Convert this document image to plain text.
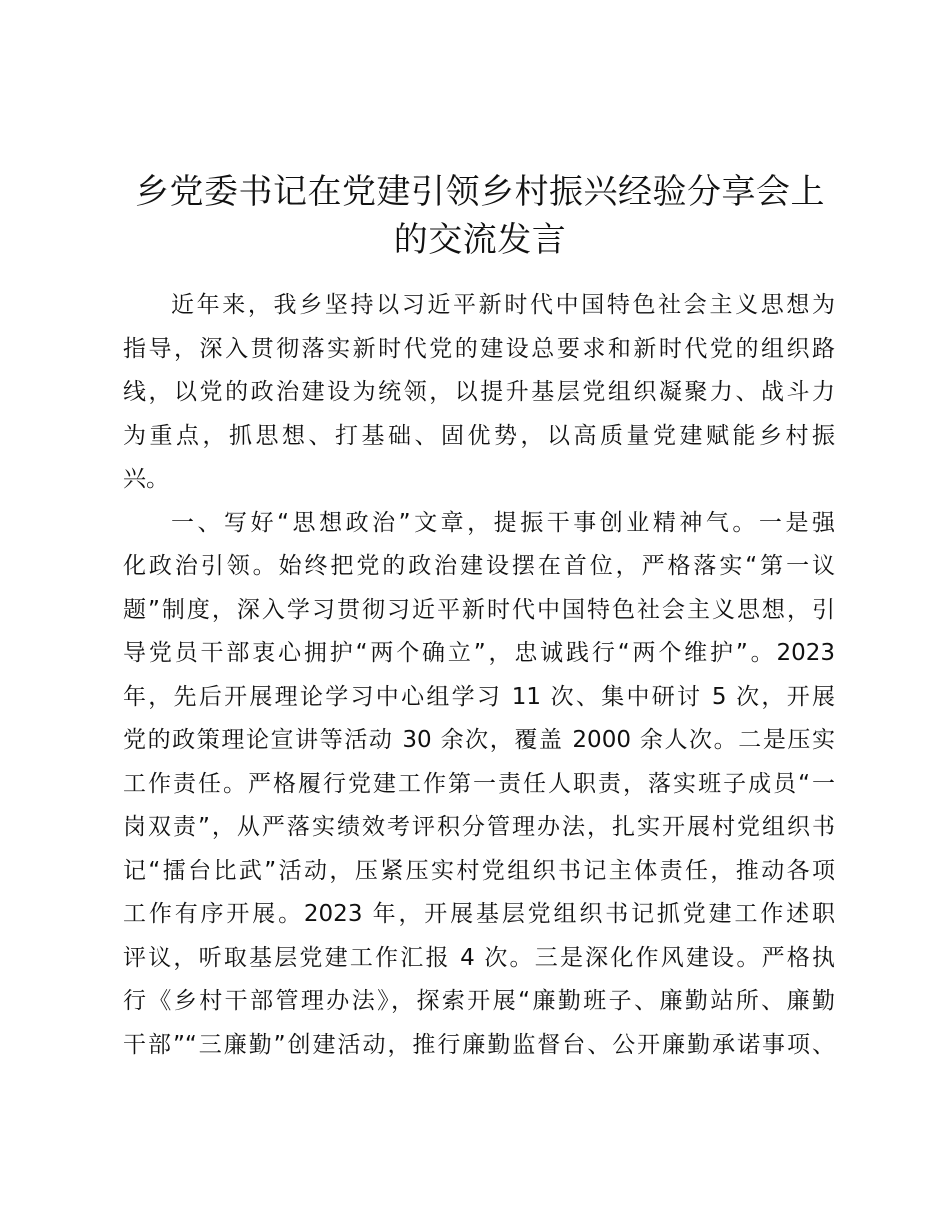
乡党委书记在党建引领乡村振兴经验分享会上
的交流发言
近年来，我乡坚持以习近平新时代中国特色社会主义思想为
指导，深入贯彻落实新时代党的建设总要求和新时代党的组织路
线，以党的政治建设为统领，以提升基层党组织凝聚力、战斗力
为重点，抓思想、打基础、固优势，以高质量党建赋能乡村振
兴。
一、写好“思想政治”文章，提振干事创业精神气。一是强
化政治引领。始终把党的政治建设摆在首位，严格落实“第一议
题”制度，深入学习贯彻习近平新时代中国特色社会主义思想，引
导党员干部衷心拥护“两个确立”，忠诚践行“两个维护”。2023
年，先后开展理论学习中心组学习 11 次、集中研讨 5 次，开展
党的政策理论宣讲等活动 30 余次，覆盖 2000 余人次。二是压实
工作责任。严格履行党建工作第一责任人职责，落实班子成员“一
岗双责”，从严落实绩效考评积分管理办法，扎实开展村党组织书
记“擂台比武”活动，压紧压实村党组织书记主体责任，推动各项
工作有序开展。2023 年，开展基层党组织书记抓党建工作述职
评议，听取基层党建工作汇报 4 次。三是深化作风建设。严格执
行《乡村干部管理办法》，探索开展“廉勤班子、廉勤站所、廉勤
干部”“三廉勤”创建活动，推行廉勤监督台、公开廉勤承诺事项、
